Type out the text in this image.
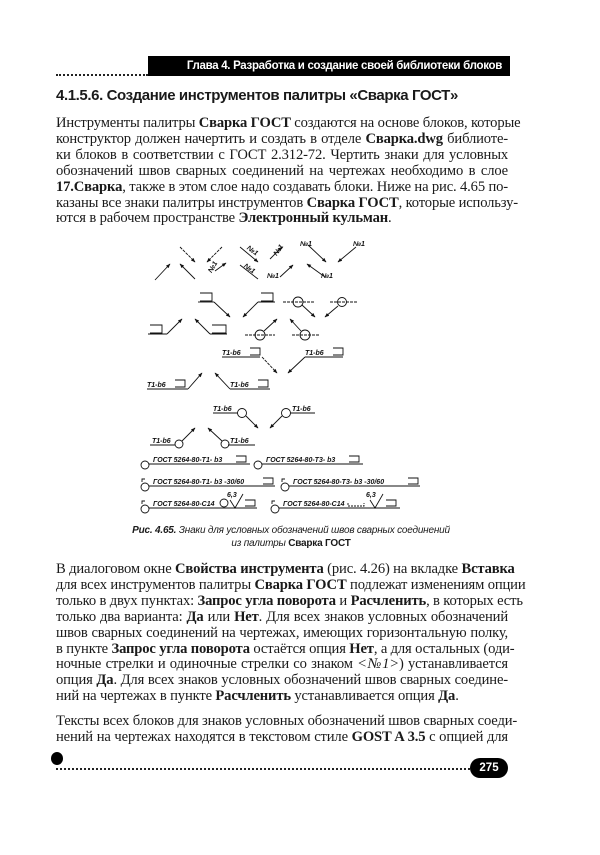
Глава 4. Разработка и создание своей библиотеки блоков
4.1.5.6. Создание инструментов палитры «Сварка ГОСТ»
Инструменты палитры Сварка ГОСТ создаются на основе блоков, которые
конструктор должен начертить и создать в отделе Сварка.dwg библиоте-
ки блоков в соответствии с ГОСТ 2.312-72. Чертить знаки для условных
обозначений швов сварных соединений на чертежах необходимо в слое
17.Сварка, также в этом слое надо создавать блоки. Ниже на рис. 4.65 по-
казаны все знаки палитры инструментов Сварка ГОСТ, которые использу-
ются в рабочем пространстве Электронный кульман.
№1
№1 №1
№1
№1
№1	№1
№1
Т1-b6	Т1-b6
Т1-b6	Т1-b6
Т1-b6	Т1-b6
Т1-b6	Т1-b6
ГОСТ 5264-80-Т1- b3	ГОСТ 5264-80-Т3- b3
ГОСТ 5264-80-Т1- b3 -30/60	ГОСТ 5264-80-Т3- b3 -30/60
ГОСТ 5264-80-С14	ГОСТ 5264-80-С14
6,3	6,3
Рис. 4.65. Знаки для условных обозначений швов сварных соединений
из палитры Сварка ГОСТ
В диалоговом окне Свойства инструмента (рис. 4.26) на вкладке Вставка
для всех инструментов палитры Сварка ГОСТ подлежат изменениям опции
только в двух пунктах: Запрос угла поворота и Расчленить, в которых есть
только два варианта: Да или Нет. Для всех знаков условных обозначений
швов сварных соединений на чертежах, имеющих горизонтальную полку,
в пункте Запрос угла поворота остаётся опция Нет, а для остальных (оди-
ночные стрелки и одиночные стрелки со знаком <№1>) устанавливается
опция Да. Для всех знаков условных обозначений швов сварных соедине-
ний на чертежах в пункте Расчленить устанавливается опция Да.
Тексты всех блоков для знаков условных обозначений швов сварных соеди-
нений на чертежах находятся в текстовом стиле GOST A 3.5 с опцией для
275
